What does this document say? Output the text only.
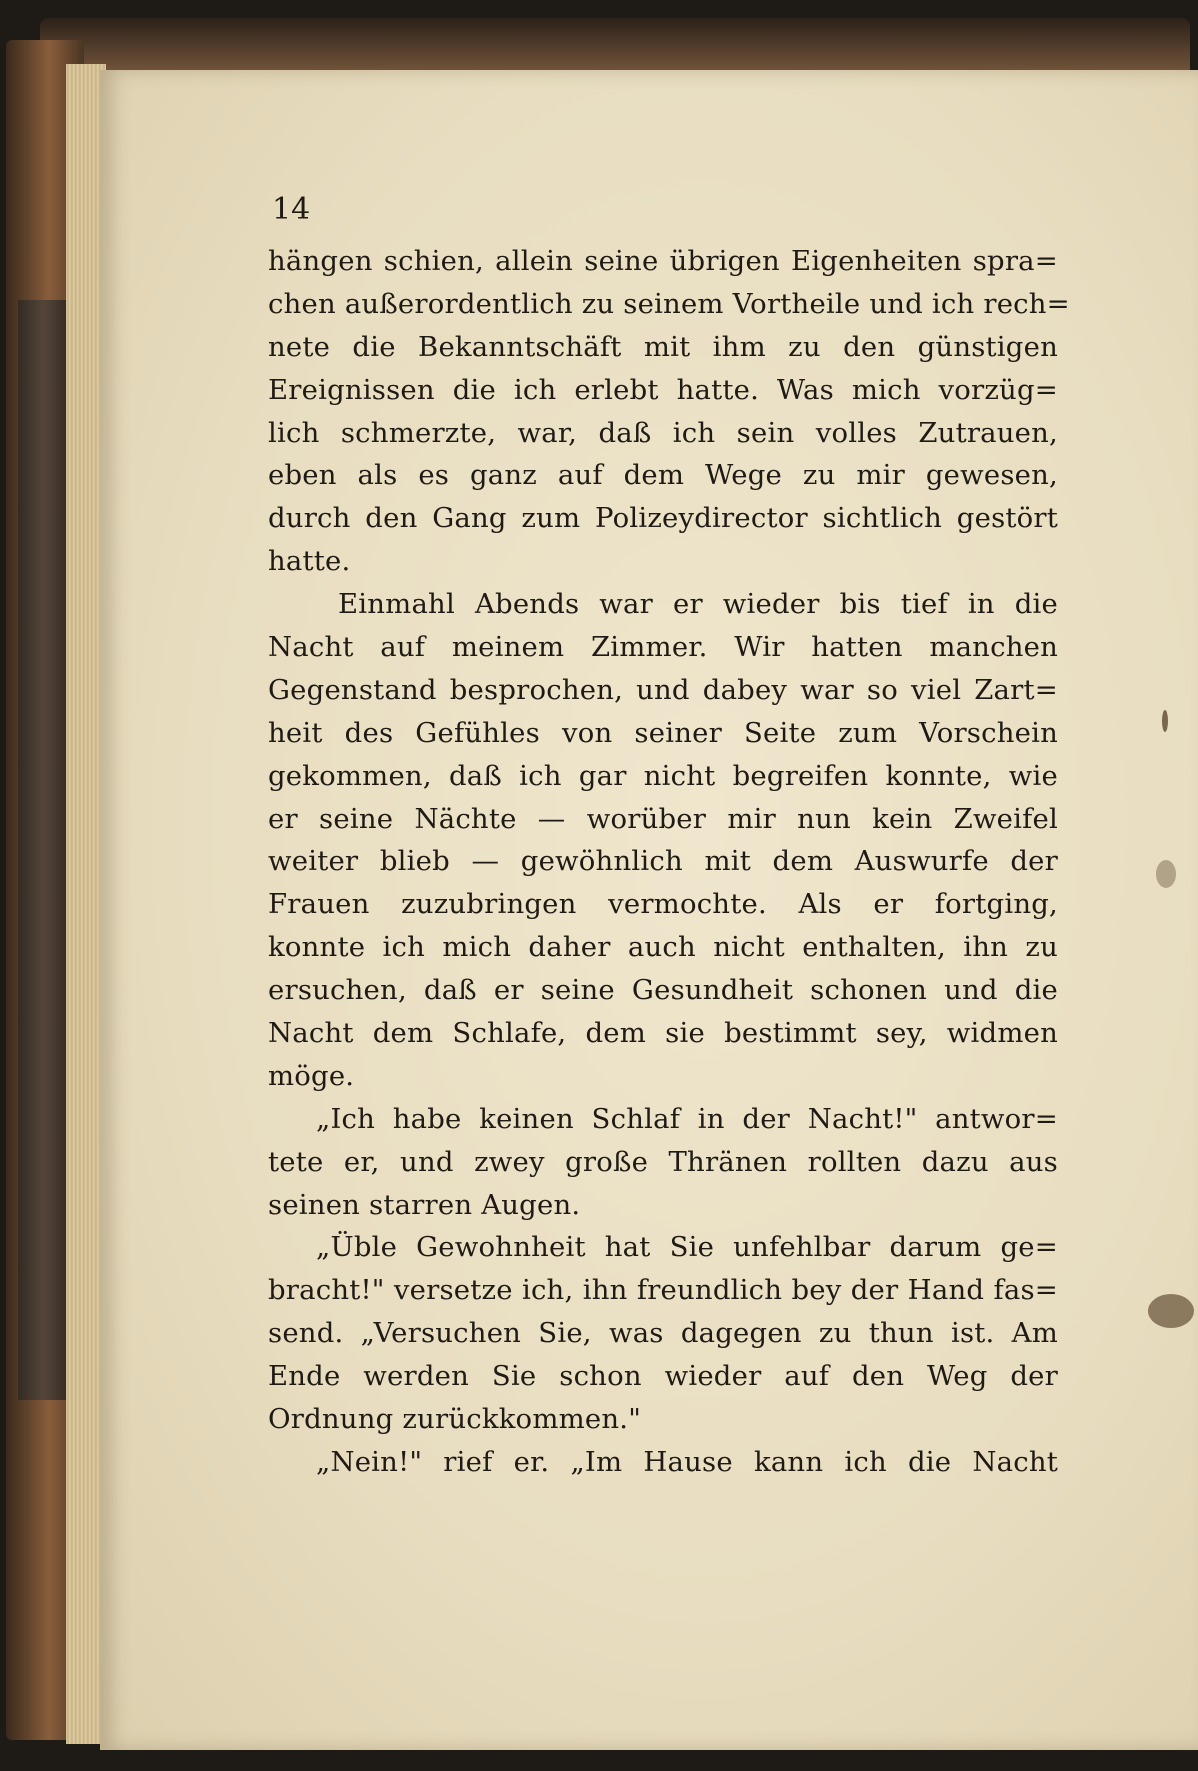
14
hängen schien, allein seine übrigen Eigenheiten spra=
chen außerordentlich zu seinem Vortheile und ich rech=
nete die Bekanntschäft mit ihm zu den günstigen
Ereignissen die ich erlebt hatte. Was mich vorzüg=
lich schmerzte, war, daß ich sein volles Zutrauen,
eben als es ganz auf dem Wege zu mir gewesen,
durch den Gang zum Polizeydirector sichtlich gestört
hatte.
Einmahl Abends war er wieder bis tief in die
Nacht auf meinem Zimmer. Wir hatten manchen
Gegenstand besprochen, und dabey war so viel Zart=
heit des Gefühles von seiner Seite zum Vorschein
gekommen, daß ich gar nicht begreifen konnte, wie
er seine Nächte — worüber mir nun kein Zweifel
weiter blieb — gewöhnlich mit dem Auswurfe der
Frauen zuzubringen vermochte. Als er fortging,
konnte ich mich daher auch nicht enthalten, ihn zu
ersuchen, daß er seine Gesundheit schonen und die
Nacht dem Schlafe, dem sie bestimmt sey, widmen
möge.
„Ich habe keinen Schlaf in der Nacht!" antwor=
tete er, und zwey große Thränen rollten dazu aus
seinen starren Augen.
„Üble Gewohnheit hat Sie unfehlbar darum ge=
bracht!" versetze ich, ihn freundlich bey der Hand fas=
send. „Versuchen Sie, was dagegen zu thun ist. Am
Ende werden Sie schon wieder auf den Weg der
Ordnung zurückkommen."
„Nein!" rief er. „Im Hause kann ich die Nacht
